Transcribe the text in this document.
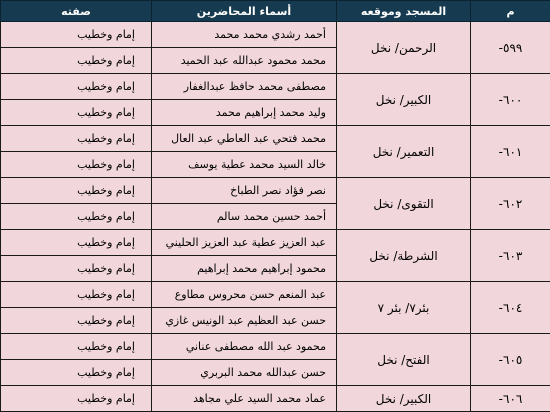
م	المسجد وموقعه	أسماء المحاضرين	صفته
٥٩٩-	الرحمن/ نخل	أحمد رشدي محمد محمد	إمام وخطيب
		محمد محمود عبدالله عبد الحميد	إمام وخطيب
٦٠٠-	الكبير/ نخل	مصطفى محمد حافظ عبدالغفار	إمام وخطيب
		وليد محمد إبراهيم محمد	إمام وخطيب
٦٠١-	التعمير/ نخل	محمد فتحي عبد العاطي عبد العال	إمام وخطيب
		خالد السيد محمد عطية يوسف	إمام وخطيب
٦٠٢-	التقوى/ نخل	نصر فؤاد نصر الطباخ	إمام وخطيب
		أحمد حسين محمد سالم	إمام وخطيب
٦٠٣-	الشرطة/ نخل	عبد العزيز عطية عبد العزيز الحليني	إمام وخطيب
		محمود إبراهيم محمد إبراهيم	إمام وخطيب
٦٠٤-	بئر٧/ بئر ٧	عبد المنعم حسن محروس مطاوع	إمام وخطيب
		حسن عبد العظيم عبد الونيس غازي	إمام وخطيب
٦٠٥-	الفتح/ نخل	محمود عبد الله مصطفى عناني	إمام وخطيب
		حسن عبدالله محمد البربري	إمام وخطيب
٦٠٦-	الكبير/ نخل	عماد محمد السيد علي مجاهد	إمام وخطيب
